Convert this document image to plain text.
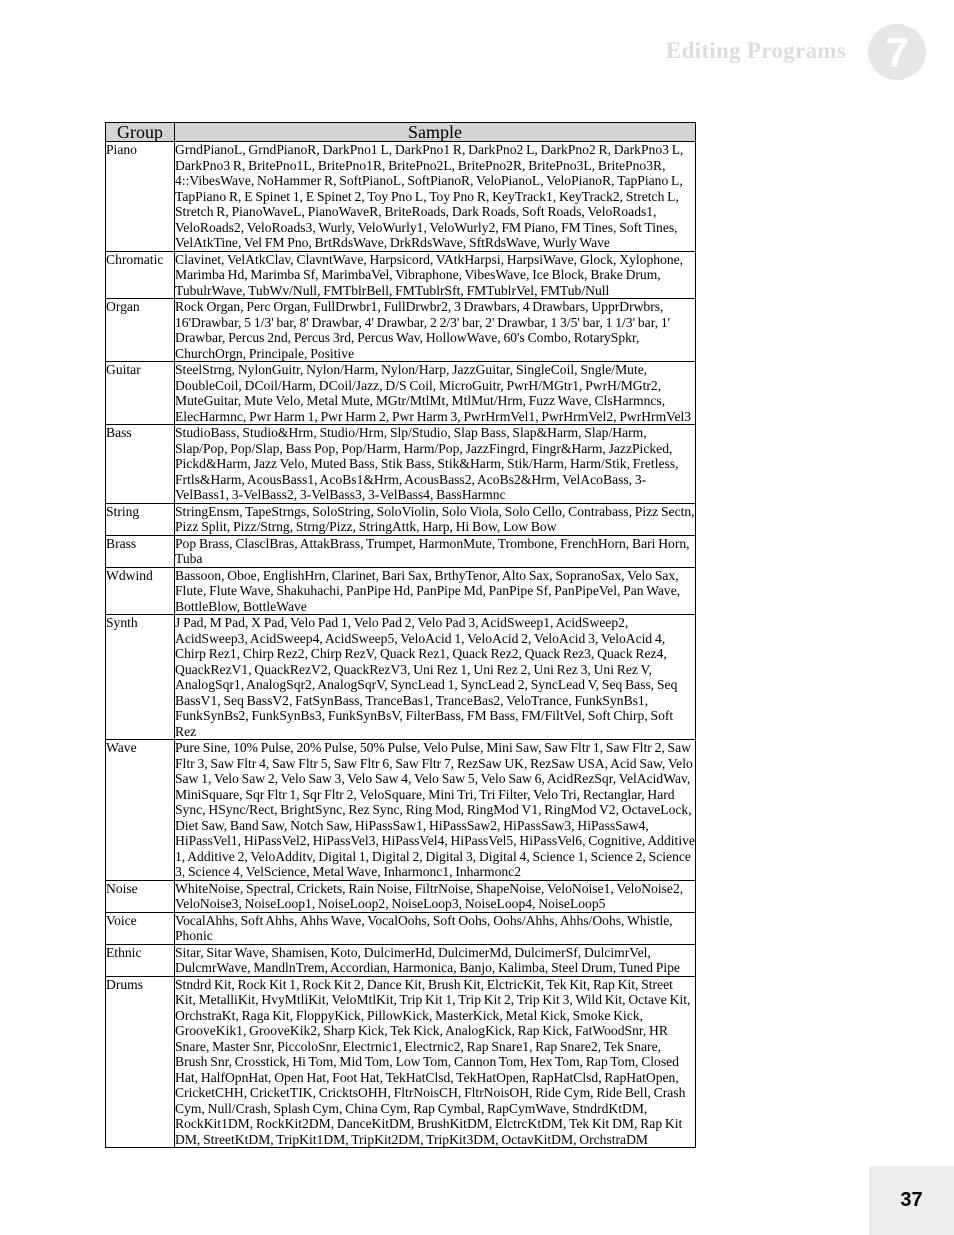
Editing Programs 7
Group	Sample
Piano	GrndPianoL, GrndPianoR, DarkPno1 L, DarkPno1 R, DarkPno2 L, DarkPno2 R, DarkPno3 L, DarkPno3 R, BritePno1L, BritePno1R, BritePno2L, BritePno2R, BritePno3L, BritePno3R, 4::VibesWave, NoHammer R, SoftPianoL, SoftPianoR, VeloPianoL, VeloPianoR, TapPiano L, TapPiano R, E Spinet 1, E Spinet 2, Toy Pno L, Toy Pno R, KeyTrack1, KeyTrack2, Stretch L, Stretch R, PianoWaveL, PianoWaveR, BriteRoads, Dark Roads, Soft Roads, VeloRoads1, VeloRoads2, VeloRoads3, Wurly, VeloWurly1, VeloWurly2, FM Piano, FM Tines, Soft Tines, VelAtkTine, Vel FM Pno, BrtRdsWave, DrkRdsWave, SftRdsWave, Wurly Wave
Chromatic	Clavinet, VelAtkClav, ClavntWave, Harpsicord, VAtkHarpsi, HarpsiWave, Glock, Xylophone, Marimba Hd, Marimba Sf, MarimbaVel, Vibraphone, VibesWave, Ice Block, Brake Drum, TubulrWave, TubWv/Null, FMTblrBell, FMTublrSft, FMTublrVel, FMTub/Null
Organ	Rock Organ, Perc Organ, FullDrwbr1, FullDrwbr2, 3 Drawbars, 4 Drawbars, UpprDrwbrs, 16'Drawbar, 5 1/3' bar, 8' Drawbar, 4' Drawbar, 2 2/3' bar, 2' Drawbar, 1 3/5' bar, 1 1/3' bar, 1' Drawbar, Percus 2nd, Percus 3rd, Percus Wav, HollowWave, 60's Combo, RotarySpkr, ChurchOrgn, Principale, Positive
Guitar	SteelStrng, NylonGuitr, Nylon/Harm, Nylon/Harp, JazzGuitar, SingleCoil, Sngle/Mute, DoubleCoil, DCoil/Harm, DCoil/Jazz, D/S Coil, MicroGuitr, PwrH/MGtr1, PwrH/MGtr2, MuteGuitar, Mute Velo, Metal Mute, MGtr/MtlMt, MtlMut/Hrm, Fuzz Wave, ClsHarmncs, ElecHarmnc, Pwr Harm 1, Pwr Harm 2, Pwr Harm 3, PwrHrmVel1, PwrHrmVel2, PwrHrmVel3
Bass	StudioBass, Studio&Hrm, Studio/Hrm, Slp/Studio, Slap Bass, Slap&Harm, Slap/Harm, Slap/Pop, Pop/Slap, Bass Pop, Pop/Harm, Harm/Pop, JazzFingrd, Fingr&Harm, JazzPicked, Pickd&Harm, Jazz Velo, Muted Bass, Stik Bass, Stik&Harm, Stik/Harm, Harm/Stik, Fretless, Frtls&Harm, AcousBass1, AcoBs1&Hrm, AcousBass2, AcoBs2&Hrm, VelAcoBass, 3-VelBass1, 3-VelBass2, 3-VelBass3, 3-VelBass4, BassHarmnc
String	StringEnsm, TapeStrngs, SoloString, SoloViolin, Solo Viola, Solo Cello, Contrabass, Pizz Sectn, Pizz Split, Pizz/Strng, Strng/Pizz, StringAttk, Harp, Hi Bow, Low Bow
Brass	Pop Brass, ClasclBras, AttakBrass, Trumpet, HarmonMute, Trombone, FrenchHorn, Bari Horn, Tuba
Wdwind	Bassoon, Oboe, EnglishHrn, Clarinet, Bari Sax, BrthyTenor, Alto Sax, SopranoSax, Velo Sax, Flute, Flute Wave, Shakuhachi, PanPipe Hd, PanPipe Md, PanPipe Sf, PanPipeVel, Pan Wave, BottleBlow, BottleWave
Synth	J Pad, M Pad, X Pad, Velo Pad 1, Velo Pad 2, Velo Pad 3, AcidSweep1, AcidSweep2, AcidSweep3, AcidSweep4, AcidSweep5, VeloAcid 1, VeloAcid 2, VeloAcid 3, VeloAcid 4, Chirp Rez1, Chirp Rez2, Chirp RezV, Quack Rez1, Quack Rez2, Quack Rez3, Quack Rez4, QuackRezV1, QuackRezV2, QuackRezV3, Uni Rez 1, Uni Rez 2, Uni Rez 3, Uni Rez V, AnalogSqr1, AnalogSqr2, AnalogSqrV, SyncLead 1, SyncLead 2, SyncLead V, Seq Bass, Seq BassV1, Seq BassV2, FatSynBass, TranceBas1, TranceBas2, VeloTrance, FunkSynBs1, FunkSynBs2, FunkSynBs3, FunkSynBsV, FilterBass, FM Bass, FM/FiltVel, Soft Chirp, Soft Rez
Wave	Pure Sine, 10% Pulse, 20% Pulse, 50% Pulse, Velo Pulse, Mini Saw, Saw Fltr 1, Saw Fltr 2, Saw Fltr 3, Saw Fltr 4, Saw Fltr 5, Saw Fltr 6, Saw Fltr 7, RezSaw UK, RezSaw USA, Acid Saw, Velo Saw 1, Velo Saw 2, Velo Saw 3, Velo Saw 4, Velo Saw 5, Velo Saw 6, AcidRezSqr, VelAcidWav, MiniSquare, Sqr Fltr 1, Sqr Fltr 2, VeloSquare, Mini Tri, Tri Filter, Velo Tri, Rectanglar, Hard Sync, HSync/Rect, BrightSync, Rez Sync, Ring Mod, RingMod V1, RingMod V2, OctaveLock, Diet Saw, Band Saw, Notch Saw, HiPassSaw1, HiPassSaw2, HiPassSaw3, HiPassSaw4, HiPassVel1, HiPassVel2, HiPassVel3, HiPassVel4, HiPassVel5, HiPassVel6, Cognitive, Additive 1, Additive 2, VeloAdditv, Digital 1, Digital 2, Digital 3, Digital 4, Science 1, Science 2, Science 3, Science 4, VelScience, Metal Wave, Inharmonc1, Inharmonc2
Noise	WhiteNoise, Spectral, Crickets, Rain Noise, FiltrNoise, ShapeNoise, VeloNoise1, VeloNoise2, VeloNoise3, NoiseLoop1, NoiseLoop2, NoiseLoop3, NoiseLoop4, NoiseLoop5
Voice	VocalAhhs, Soft Ahhs, Ahhs Wave, VocalOohs, Soft Oohs, Oohs/Ahhs, Ahhs/Oohs, Whistle, Phonic
Ethnic	Sitar, Sitar Wave, Shamisen, Koto, DulcimerHd, DulcimerMd, DulcimerSf, DulcimrVel, DulcmrWave, MandlnTrem, Accordian, Harmonica, Banjo, Kalimba, Steel Drum, Tuned Pipe
Drums	Stndrd Kit, Rock Kit 1, Rock Kit 2, Dance Kit, Brush Kit, ElctricKit, Tek Kit, Rap Kit, Street Kit, MetalliKit, HvyMtliKit, VeloMtlKit, Trip Kit 1, Trip Kit 2, Trip Kit 3, Wild Kit, Octave Kit, OrchstraKt, Raga Kit, FloppyKick, PillowKick, MasterKick, Metal Kick, Smoke Kick, GrooveKik1, GrooveKik2, Sharp Kick, Tek Kick, AnalogKick, Rap Kick, FatWoodSnr, HR Snare, Master Snr, PiccoloSnr, Electrnic1, Electrnic2, Rap Snare1, Rap Snare2, Tek Snare, Brush Snr, Crosstick, Hi Tom, Mid Tom, Low Tom, Cannon Tom, Hex Tom, Rap Tom, Closed Hat, HalfOpnHat, Open Hat, Foot Hat, TekHatClsd, TekHatOpen, RapHatClsd, RapHatOpen, CricketCHH, CricketTIK, CricktsOHH, FltrNoisCH, FltrNoisOH, Ride Cym, Ride Bell, Crash Cym, Null/Crash, Splash Cym, China Cym, Rap Cymbal, RapCymWave, StndrdKtDM, RockKit1DM, RockKit2DM, DanceKitDM, BrushKitDM, ElctrcKtDM, Tek Kit DM, Rap Kit DM, StreetKtDM, TripKit1DM, TripKit2DM, TripKit3DM, OctavKitDM, OrchstraDM
37
